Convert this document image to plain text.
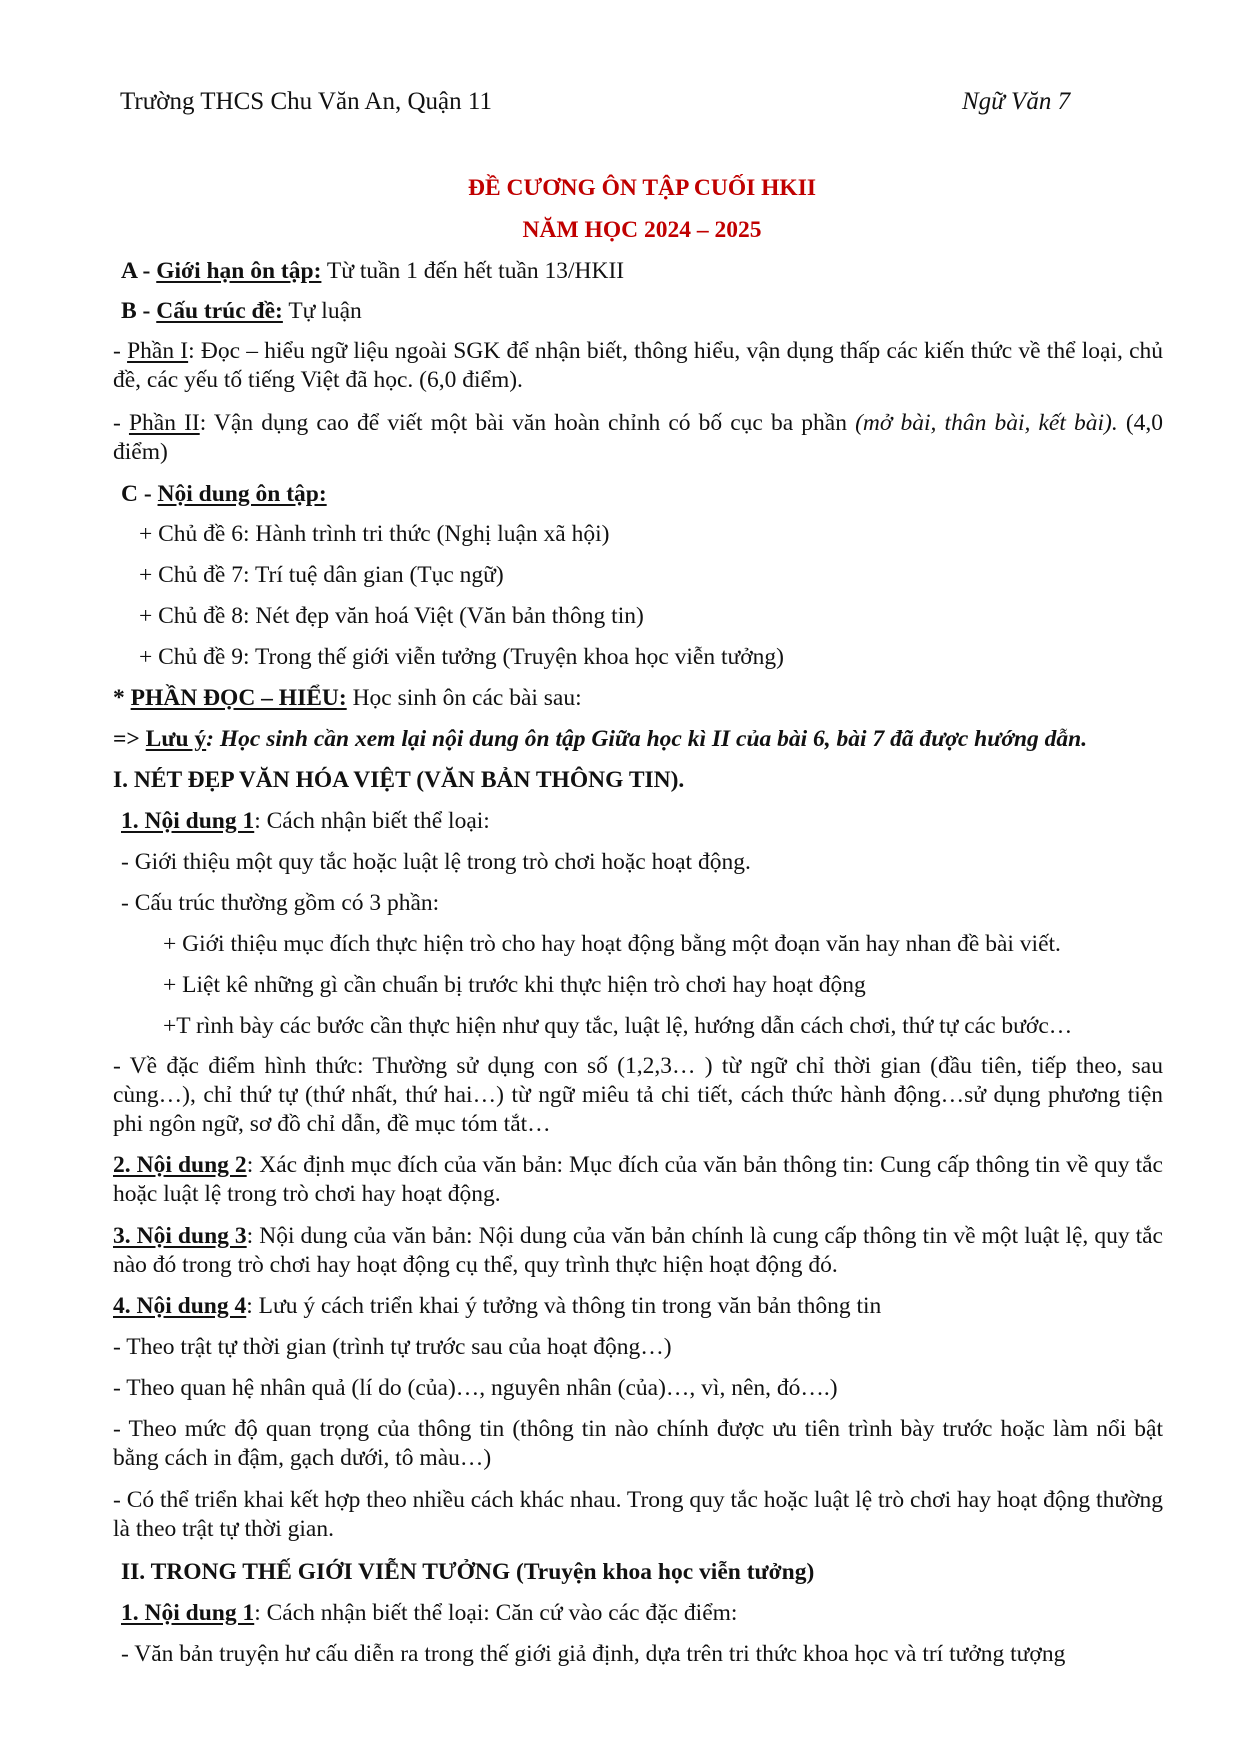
Trường THCS Chu Văn An, Quận 11	Ngữ Văn 7
ĐỀ CƯƠNG ÔN TẬP CUỐI HKII
NĂM HỌC 2024 – 2025
A - Giới hạn ôn tập: Từ tuần 1 đến hết tuần 13/HKII
B - Cấu trúc đề: Tự luận
- Phần I: Đọc – hiểu ngữ liệu ngoài SGK để nhận biết, thông hiểu, vận dụng thấp các kiến thức về thể loại, chủ đề, các yếu tố tiếng Việt đã học. (6,0 điểm).
- Phần II: Vận dụng cao để viết một bài văn hoàn chỉnh có bố cục ba phần (mở bài, thân bài, kết bài). (4,0 điểm)
C - Nội dung ôn tập:
+ Chủ đề 6: Hành trình tri thức (Nghị luận xã hội)
+ Chủ đề 7: Trí tuệ dân gian (Tục ngữ)
+ Chủ đề 8: Nét đẹp văn hoá Việt (Văn bản thông tin)
+ Chủ đề 9: Trong thế giới viễn tưởng (Truyện khoa học viễn tưởng)
* PHẦN ĐỌC – HIỂU: Học sinh ôn các bài sau:
=> Lưu ý: Học sinh cần xem lại nội dung ôn tập Giữa học kì II của bài 6, bài 7 đã được hướng dẫn.
I. NÉT ĐẸP VĂN HÓA VIỆT (VĂN BẢN THÔNG TIN).
1. Nội dung 1: Cách nhận biết thể loại:
- Giới thiệu một quy tắc hoặc luật lệ trong trò chơi hoặc hoạt động.
- Cấu trúc thường gồm có 3 phần:
+ Giới thiệu mục đích thực hiện trò cho hay hoạt động bằng một đoạn văn hay nhan đề bài viết.
+ Liệt kê những gì cần chuẩn bị trước khi thực hiện trò chơi hay hoạt động
+T rình bày các bước cần thực hiện như quy tắc, luật lệ, hướng dẫn cách chơi, thứ tự các bước…
- Về đặc điểm hình thức: Thường sử dụng con số (1,2,3… ) từ ngữ chỉ thời gian (đầu tiên, tiếp theo, sau cùng…), chỉ thứ tự (thứ nhất, thứ hai…) từ ngữ miêu tả chi tiết, cách thức hành động…sử dụng phương tiện phi ngôn ngữ, sơ đồ chỉ dẫn, đề mục tóm tắt…
2. Nội dung 2: Xác định mục đích của văn bản: Mục đích của văn bản thông tin: Cung cấp thông tin về quy tắc hoặc luật lệ trong trò chơi hay hoạt động.
3. Nội dung 3: Nội dung của văn bản: Nội dung của văn bản chính là cung cấp thông tin về một luật lệ, quy tắc nào đó trong trò chơi hay hoạt động cụ thể, quy trình thực hiện hoạt động đó.
4. Nội dung 4: Lưu ý cách triển khai ý tưởng và thông tin trong văn bản thông tin
- Theo trật tự thời gian (trình tự trước sau của hoạt động…)
- Theo quan hệ nhân quả (lí do (của)…, nguyên nhân (của)…, vì, nên, đó….)
- Theo mức độ quan trọng của thông tin (thông tin nào chính được ưu tiên trình bày trước hoặc làm nổi bật bằng cách in đậm, gạch dưới, tô màu…)
- Có thể triển khai kết hợp theo nhiều cách khác nhau. Trong quy tắc hoặc luật lệ trò chơi hay hoạt động thường là theo trật tự thời gian.
II. TRONG THẾ GIỚI VIỄN TƯỞNG (Truyện khoa học viễn tưởng)
1. Nội dung 1: Cách nhận biết thể loại: Căn cứ vào các đặc điểm:
- Văn bản truyện hư cấu diễn ra trong thế giới giả định, dựa trên tri thức khoa học và trí tưởng tượng
